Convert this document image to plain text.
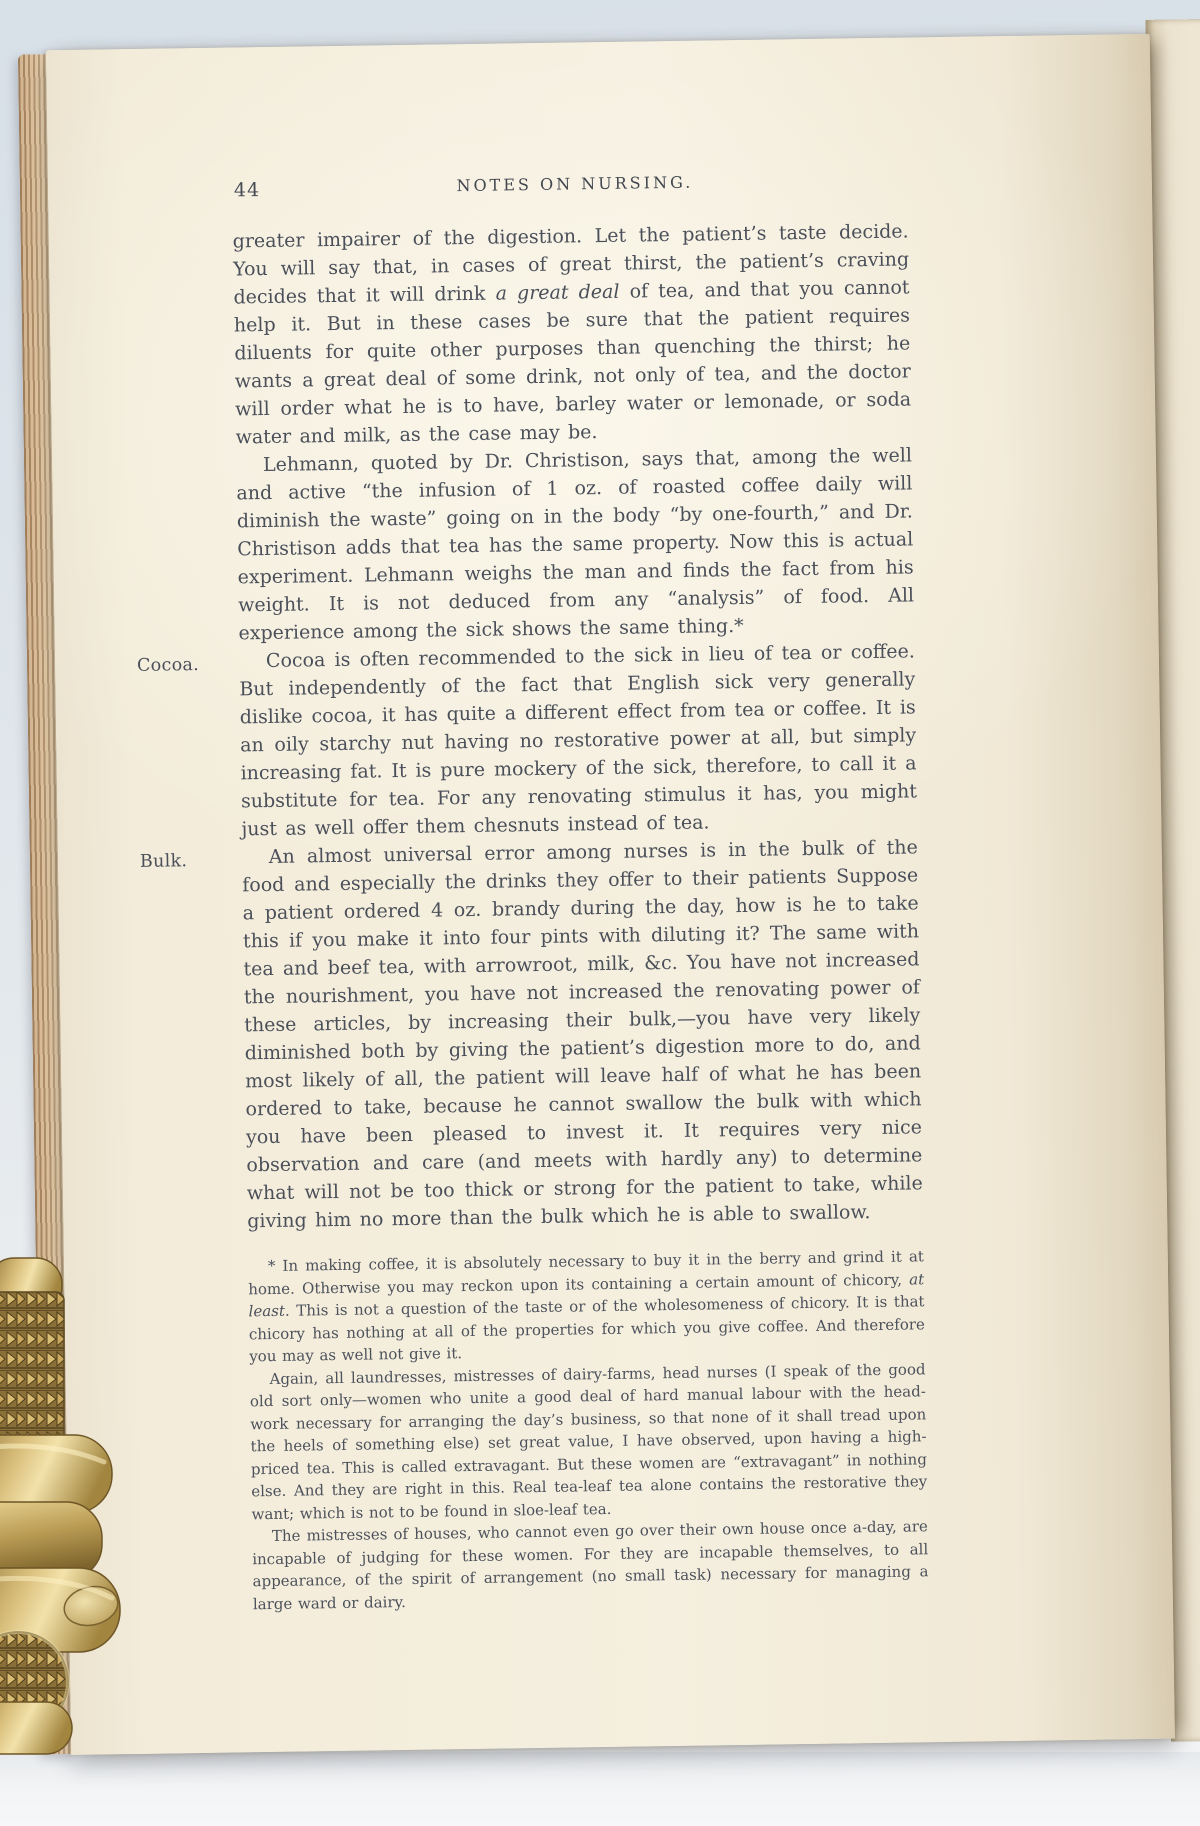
44	NOTES ON NURSING.

greater impairer of the digestion. Let the patient’s taste decide. You will say that, in cases of great thirst, the patient’s craving decides that it will drink a great deal of tea, and that you cannot help it. But in these cases be sure that the patient requires diluents for quite other purposes than quenching the thirst; he wants a great deal of some drink, not only of tea, and the doctor will order what he is to have, barley water or lemonade, or soda water and milk, as the case may be.

Lehmann, quoted by Dr. Christison, says that, among the well and active “the infusion of 1 oz. of roasted coffee daily will diminish the waste” going on in the body “by one-fourth,” and Dr. Christison adds that tea has the same property. Now this is actual experiment. Lehmann weighs the man and finds the fact from his weight. It is not deduced from any “analysis” of food. All experience among the sick shows the same thing.*

Cocoa.	Cocoa is often recommended to the sick in lieu of tea or coffee. But independently of the fact that English sick very generally dislike cocoa, it has quite a different effect from tea or coffee. It is an oily starchy nut having no restorative power at all, but simply increasing fat. It is pure mockery of the sick, therefore, to call it a substitute for tea. For any renovating stimulus it has, you might just as well offer them chesnuts instead of tea.

Bulk.	An almost universal error among nurses is in the bulk of the food and especially the drinks they offer to their patients Suppose a patient ordered 4 oz. brandy during the day, how is he to take this if you make it into four pints with diluting it? The same with tea and beef tea, with arrowroot, milk, &c. You have not increased the nourishment, you have not increased the renovating power of these articles, by increasing their bulk,—you have very likely diminished both by giving the patient’s digestion more to do, and most likely of all, the patient will leave half of what he has been ordered to take, because he cannot swallow the bulk with which you have been pleased to invest it. It requires very nice observation and care (and meets with hardly any) to determine what will not be too thick or strong for the patient to take, while giving him no more than the bulk which he is able to swallow.

* In making coffee, it is absolutely necessary to buy it in the berry and grind it at home. Otherwise you may reckon upon its containing a certain amount of chicory, at least. This is not a question of the taste or of the wholesomeness of chicory. It is that chicory has nothing at all of the properties for which you give coffee. And therefore you may as well not give it.

Again, all laundresses, mistresses of dairy-farms, head nurses (I speak of the good old sort only—women who unite a good deal of hard manual labour with the head-work necessary for arranging the day’s business, so that none of it shall tread upon the heels of something else) set great value, I have observed, upon having a high-priced tea. This is called extravagant. But these women are “extravagant” in nothing else. And they are right in this. Real tea-leaf tea alone contains the restorative they want; which is not to be found in sloe-leaf tea.

The mistresses of houses, who cannot even go over their own house once a-day, are incapable of judging for these women. For they are incapable themselves, to all appearance, of the spirit of arrangement (no small task) necessary for managing a large ward or dairy.
